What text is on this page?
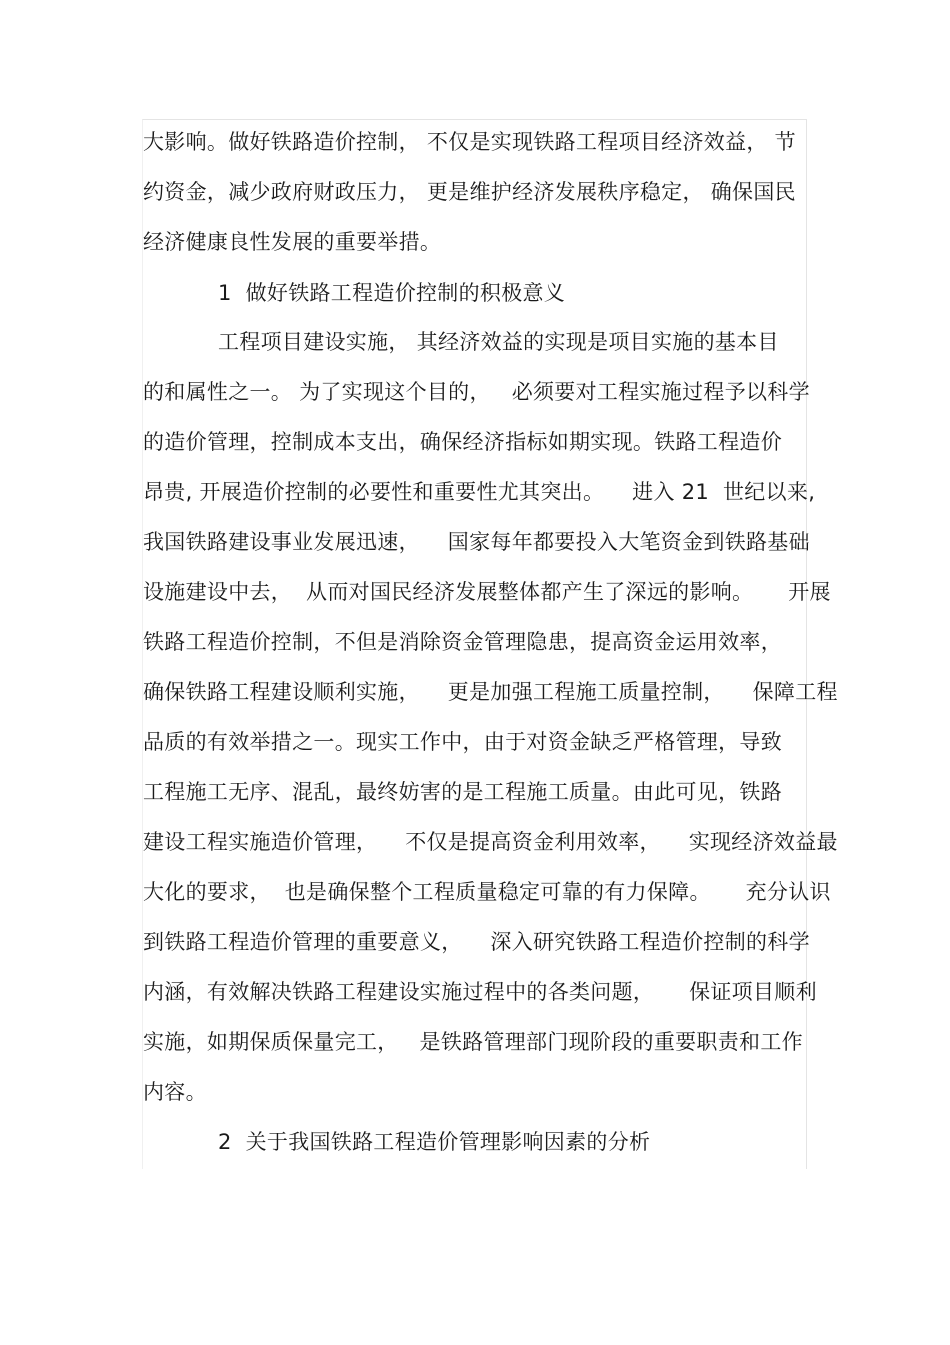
大影响。做好铁路造价控制， 不仅是实现铁路工程项目经济效益， 节
约资金，减少政府财政压力， 更是维护经济发展秩序稳定， 确保国民
经济健康良性发展的重要举措。
1  做好铁路工程造价控制的积极意义
工程项目建设实施， 其经济效益的实现是项目实施的基本目
的和属性之一。 为了实现这个目的，   必须要对工程实施过程予以科学
的造价管理，控制成本支出，确保经济指标如期实现。铁路工程造价
昂贵, 开展造价控制的必要性和重要性尤其突出。    进入 21  世纪以来,
我国铁路建设事业发展迅速，    国家每年都要投入大笔资金到铁路基础
设施建设中去，  从而对国民经济发展整体都产生了深远的影响。     开展
铁路工程造价控制，不但是消除资金管理隐患，提高资金运用效率，
确保铁路工程建设顺利实施，    更是加强工程施工质量控制，    保障工程
品质的有效举措之一。现实工作中，由于对资金缺乏严格管理，导致
工程施工无序、混乱，最终妨害的是工程施工质量。由此可见，铁路
建设工程实施造价管理，    不仅是提高资金利用效率，    实现经济效益最
大化的要求，  也是确保整个工程质量稳定可靠的有力保障。     充分认识
到铁路工程造价管理的重要意义，    深入研究铁路工程造价控制的科学
内涵，有效解决铁路工程建设实施过程中的各类问题，     保证项目顺利
实施，如期保质保量完工，   是铁路管理部门现阶段的重要职责和工作
内容。
2  关于我国铁路工程造价管理影响因素的分析
